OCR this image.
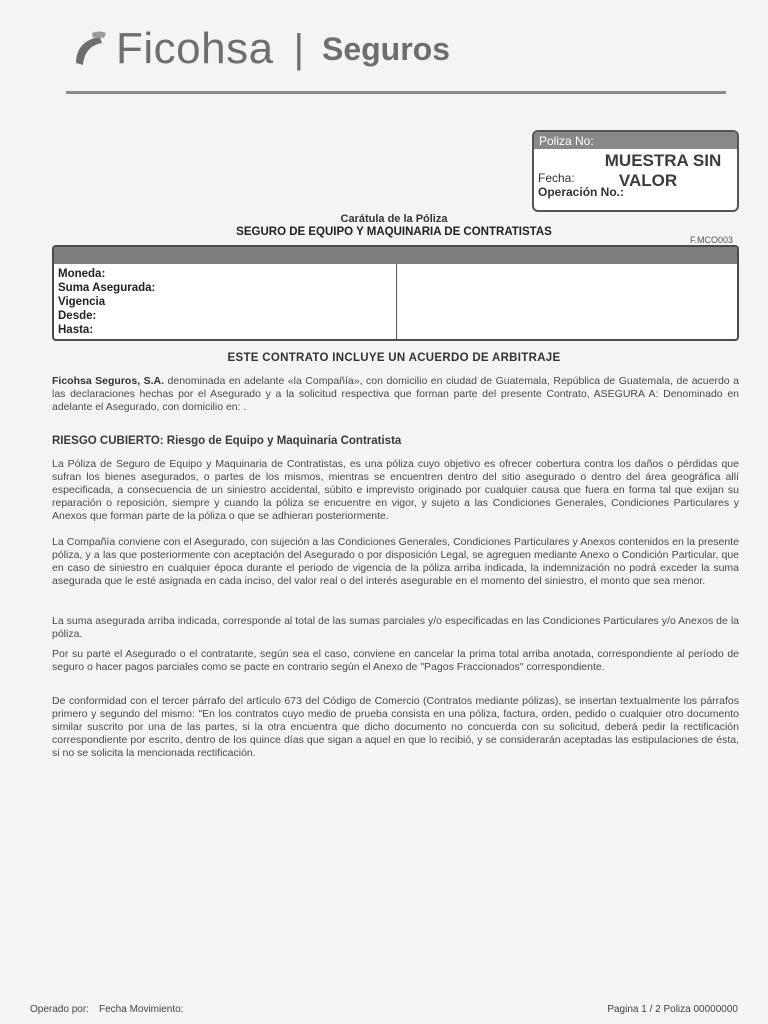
Ficohsa | Seguros
Poliza No:
Fecha:
Operación No.:
MUESTRA SIN
VALOR
Carátula de la Póliza
SEGURO DE EQUIPO Y MAQUINARIA DE CONTRATISTAS
F.MCO003
Moneda:
Suma Asegurada:
Vigencia
Desde:
Hasta:
ESTE CONTRATO INCLUYE UN ACUERDO DE ARBITRAJE
Ficohsa Seguros, S.A. denominada en adelante «la Compañía», con domicilio en ciudad de Guatemala, República de Guatemala, de acuerdo a las declaraciones hechas por el Asegurado y a la solicitud respectiva que forman parte del presente Contrato, ASEGURA A: Denominado en adelante el Asegurado, con domicilio en: .
RIESGO CUBIERTO: Riesgo de Equipo y Maquinaria Contratista
La Póliza de Seguro de Equipo y Maquinaria de Contratistas, es una póliza cuyo objetivo es ofrecer cobertura contra los daños o pérdidas que sufran los bienes asegurados, o partes de los mismos, mientras se encuentren dentro del sitio asegurado o dentro del área geográfica allí especificada, a consecuencia de un siniestro accidental, súbito e imprevisto originado por cualquier causa que fuera en forma tal que exijan su reparación o reposición, siempre y cuando la póliza se encuentre en vigor, y sujeto a las Condiciones Generales, Condiciones Particulares y Anexos que forman parte de la póliza o que se adhieran posteriormente.
La Compañía conviene con el Asegurado, con sujeción a las Condiciones Generales, Condiciones Particulares y Anexos contenidos en la presente póliza, y a las que posteriormente con aceptación del Asegurado o por disposición Legal, se agreguen mediante Anexo o Condición Particular, que en caso de siniestro en cualquier época durante el periodo de vigencia de la póliza arriba indicada, la indemnización no podrá exceder la suma asegurada que le esté asignada en cada inciso, del valor real o del interés asegurable en el momento del siniestro, el monto que sea menor.
La suma asegurada arriba indicada, corresponde al total de las sumas parciales y/o especificadas en las Condiciones Particulares y/o Anexos de la póliza.
Por su parte el Asegurado o el contratante, según sea el caso, conviene en cancelar la prima total arriba anotada, correspondiente al período de seguro o hacer pagos parciales como se pacte en contrario según el Anexo de "Pagos Fraccionados" correspondiente.
De conformidad con el tercer párrafo del artículo 673 del Código de Comercio (Contratos mediante pólizas), se insertan textualmente los párrafos primero y segundo del mismo: "En los contratos cuyo medio de prueba consista en una póliza, factura, orden, pedido o cualquier otro documento similar suscrito por una de las partes, si la otra encuentra que dicho documento no concuerda con su solicitud, deberá pedir la rectificación correspondiente por escrito, dentro de los quince días que sigan a aquel en que lo recibió, y se considerarán aceptadas las estipulaciones de ésta, si no se solicita la mencionada rectificación.
Operado por: Fecha Movimiento:	Pagina 1 / 2 Poliza 00000000
